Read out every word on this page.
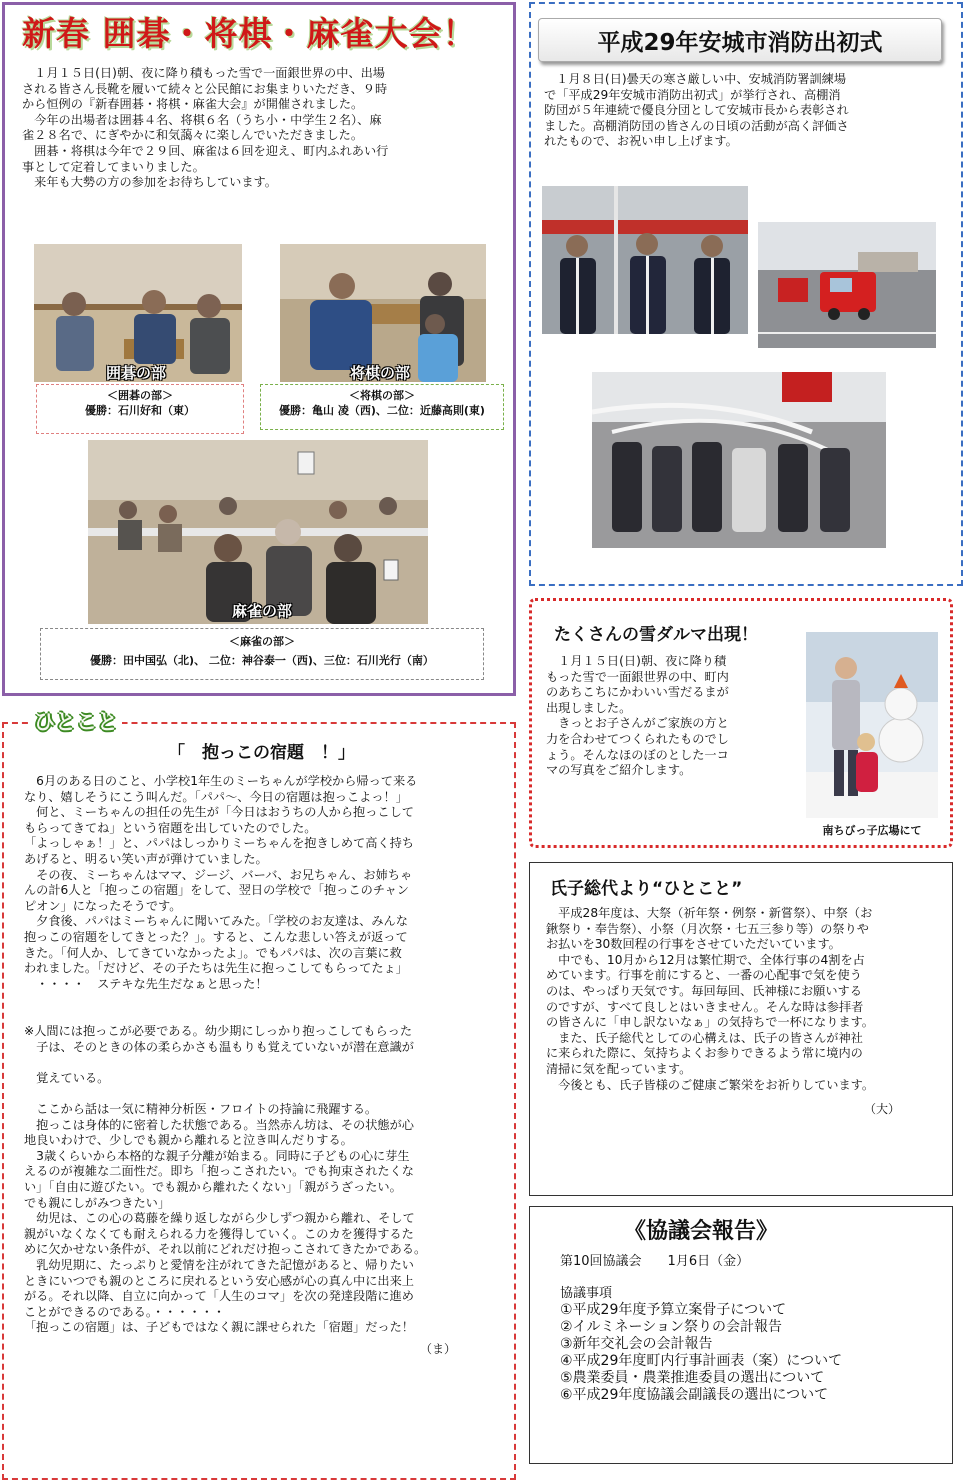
新春 囲碁・将棋・麻雀大会！

　１月１５日(日)朝、夜に降り積もった雪で一面銀世界の中、出場
される皆さん長靴を履いて続々と公民館にお集まりいただき、９時
から恒例の『新春囲碁・将棋・麻雀大会』が開催されました。
　今年の出場者は囲碁４名、将棋６名（うち小・中学生２名）、麻
雀２８名で、にぎやかに和気藹々に楽しんでいただきました。
　囲碁・将棋は今年で２９回、麻雀は６回を迎え、町内ふれあい行
事として定着してまいりました。
　来年も大勢の方の参加をお待ちしています。

囲碁の部
＜囲碁の部＞
優勝：石川好和（東）
将棋の部
＜将棋の部＞
優勝：亀山 凌（西)、二位：近藤高則(東)
麻雀の部
＜麻雀の部＞
優勝：田中国弘（北)、 二位：神谷泰一（西)、三位：石川光行（南）
平成29年安城市消防出初式

　１月８日(日)曇天の寒さ厳しい中、安城消防署訓練場
で「平成29年安城市消防出初式」が挙行され、高棚消
防団が５年連続で優良分団として安城市長から表彰され
ました。高棚消防団の皆さんの日頃の活動が高く評価さ
れたもので、お祝い申し上げます。

たくさんの雪ダルマ出現！

　１月１５日(日)朝、夜に降り積
もった雪で一面銀世界の中、町内
のあちこちにかわいい雪だるまが
出現しました。
　きっとお子さんがご家族の方と
力を合わせてつくられたものでし
ょう。そんなほのぼのとした一コ
マの写真をご紹介します。

南ちびっ子広場にて
ひとこと
「　抱っこの宿題　！」

　6月のある日のこと、小学校1年生のミーちゃんが学校から帰って来る
なり、嬉しそうにこう叫んだ。「パパ～、今日の宿題は抱っこよっ！」
　何と、ミーちゃんの担任の先生が「今日はおうちの人から抱っこして
もらってきてね」という宿題を出していたのでした。
「よっしゃぁ！」と、パパはしっかりミーちゃんを抱きしめて高く持ち
あげると、明るい笑い声が弾けていました。
　その夜、ミーちゃんはママ、ジージ、バーバ、お兄ちゃん、お姉ちゃ
んの計6人と「抱っこの宿題」をして、翌日の学校で「抱っこのチャン
ピオン」になったそうです。
　夕食後、パパはミーちゃんに聞いてみた。「学校のお友達は、みんな
抱っこの宿題をしてきとった？」。すると、こんな悲しい答えが返って
きた。「何人か、してきていなかったよ」。でもパパは、次の言葉に救
われました。「だけど、その子たちは先生に抱っこしてもらってたょ」
　・・・・　ステキな先生だなぁと思った！

※人間には抱っこが必要である。幼少期にしっかり抱っこしてもらった
　子は、そのときの体の柔らかさも温もりも覚えていないが潜在意識が

　覚えている。

　ここから話は一気に精神分析医・フロイトの持論に飛躍する。
　抱っこは身体的に密着した状態である。当然赤ん坊は、その状態が心
地良いわけで、少しでも親から離れると泣き叫んだりする。
　3歳くらいから本格的な親子分離が始まる。同時に子どもの心に芽生
えるのが複雑な二面性だ。即ち「抱っこされたい。でも拘束されたくな
い」「自由に遊びたい。でも親から離れたくない」「親がうざったい。
でも親にしがみつきたい」
　幼児は、この心の葛藤を繰り返しながら少しずつ親から離れ、そして
親がいなくなくても耐えられる力を獲得していく。このカを獲得するた
めに欠かせない条件が、それ以前にどれだけ抱っこされてきたかである。
　乳幼児期に、たっぷりと愛情を注がれてきた記憶があると、帰りたい
ときにいつでも親のところに戻れるという安心感が心の真ん中に出来上
がる。それ以降、自立に向かって「人生のコマ」を次の発達段階に進め
ことができるのである。・・・・・・
「抱っこの宿題」は、子どもではなく親に課せられた「宿題」だった！

（ま）
氏子総代より“ひとこと”

　平成28年度は、大祭（祈年祭・例祭・新嘗祭）、中祭（お
鍬祭り・奉告祭）、小祭（月次祭・七五三参り等）の祭りや
お払いを30数回程の行事をさせていただいています。
　中でも、10月から12月は繁忙期で、全体行事の4割を占
めています。行事を前にすると、一番の心配事で気を使う
のは、やっぱり天気です。毎回毎回、氏神様にお願いする
のですが、すべて良しとはいきません。そんな時は参拝者
の皆さんに「申し訳ないなぁ」の気持ちで一杯になります。
　また、氏子総代としての心構えは、氏子の皆さんが神社
に来られた際に、気持ちよくお参りできるよう常に境内の
清掃に気を配っています。
　今後とも、氏子皆様のご健康ご繁栄をお祈りしています。

（大）
《協議会報告》
第10回協議会　　1月6日（金）
協議事項
①平成29年度予算立案骨子について
②イルミネーション祭りの会計報告
③新年交礼会の会計報告
④平成29年度町内行事計画表（案）について
⑤農業委員・農業推進委員の選出について
⑥平成29年度協議会副議長の選出について
